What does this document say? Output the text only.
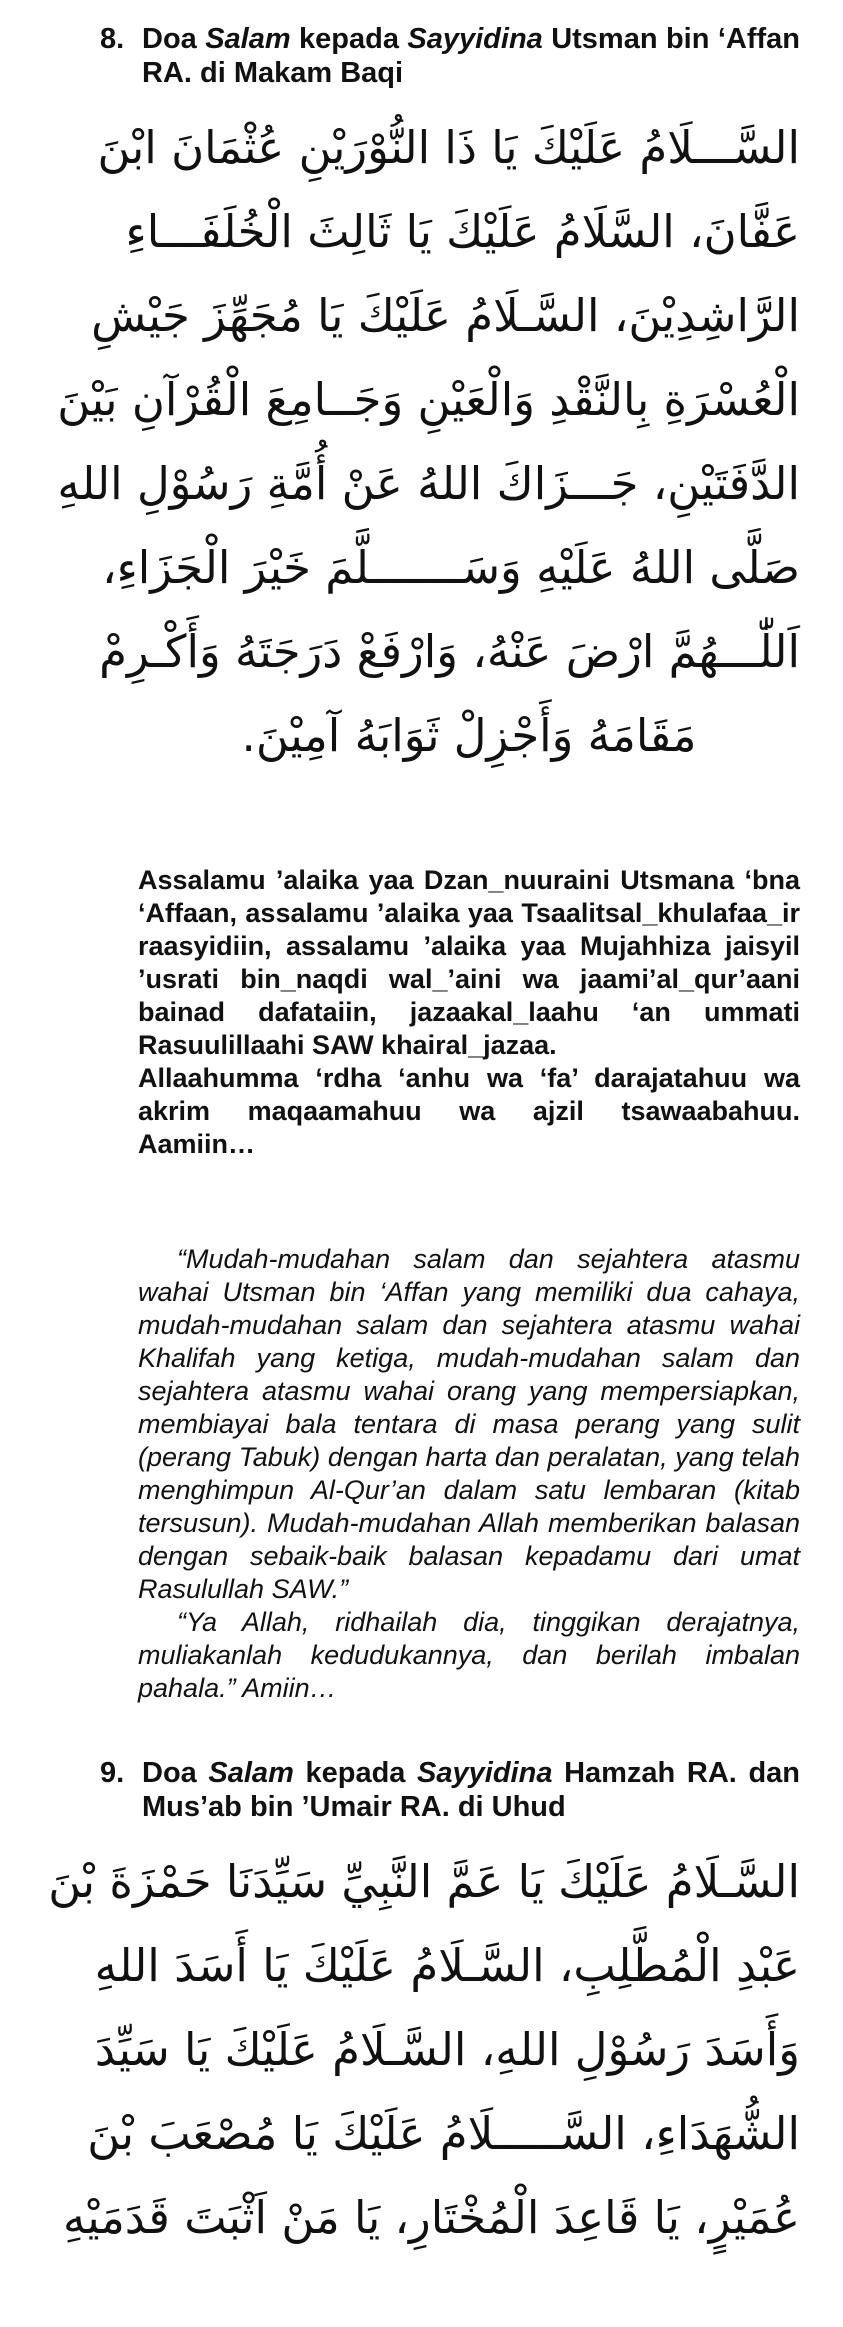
8. Doa Salam kepada Sayyidina Utsman bin ‘Affan RA. di Makam Baqi
السَّـــلَامُ عَلَيْكَ يَا ذَا النُّوْرَيْنِ عُثْمَانَ ابْنَ
عَفَّانَ، السَّلَامُ عَلَيْكَ يَا ثَالِثَ الْخُلَفَـــاءِ
الرَّاشِدِيْنَ، السَّـلَامُ عَلَيْكَ يَا مُجَهِّزَ جَيْشِ
الْعُسْرَةِ بِالنَّقْدِ وَالْعَيْنِ وَجَــامِعَ الْقُرْآنِ بَيْنَ
الدَّفَتَيْنِ، جَـــزَاكَ اللهُ عَنْ أُمَّةِ رَسُوْلِ اللهِ
صَلَّى اللهُ عَلَيْهِ وَسَـــــــلَّمَ خَيْرَ الْجَزَاءِ،
اَللّٰـــهُمَّ ارْضَ عَنْهُ، وَارْفَعْ دَرَجَتَهُ وَأَكْـرِمْ
مَقَامَهُ وَأَجْزِلْ ثَوَابَهُ آمِيْنَ.

Assalamu ’alaika yaa Dzan_nuuraini Utsmana ‘bna ‘Affaan, assalamu ’alaika yaa Tsaalitsal_khulafaa_ir raasyidiin, assalamu ’alaika yaa Mujahhiza jaisyil ’usrati bin_naqdi wal_’aini wa jaami’al_qur’aani bainad dafataiin, jazaakal_laahu ‘an ummati Rasuulillaahi SAW khairal_jazaa.

Allaahumma ‘rdha ‘anhu wa ‘fa’ darajatahuu wa akrim maqaamahuu wa ajzil tsawaabahuu. Aamiin…

“Mudah-mudahan salam dan sejahtera atasmu wahai Utsman bin ‘Affan yang memiliki dua cahaya, mudah-mudahan salam dan sejahtera atasmu wahai Khalifah yang ketiga, mudah-mudahan salam dan sejahtera atasmu wahai orang yang mempersiapkan, membiayai bala tentara di masa perang yang sulit (perang Tabuk) dengan harta dan peralatan, yang telah menghimpun Al-Qur’an dalam satu lembaran (kitab tersusun). Mudah-mudahan Allah memberikan balasan dengan sebaik-baik balasan kepadamu dari umat Rasulullah SAW.”

“Ya Allah, ridhailah dia, tinggikan derajatnya, muliakanlah kedudukannya, dan berilah imbalan pahala.” Amiin…

9. Doa Salam kepada Sayyidina Hamzah RA. dan Mus’ab bin ’Umair RA. di Uhud
السَّـلَامُ عَلَيْكَ يَا عَمَّ النَّبِيِّ سَيِّدَنَا حَمْزَةَ بْنَ
عَبْدِ الْمُطَّلِبِ، السَّـلَامُ عَلَيْكَ يَا أَسَدَ اللهِ
وَأَسَدَ رَسُوْلِ اللهِ، السَّـلَامُ عَلَيْكَ يَا سَيِّدَ
الشُّهَدَاءِ، السَّـــــلَامُ عَلَيْكَ يَا مُصْعَبَ بْنَ
عُمَيْرٍ، يَا قَاعِدَ الْمُخْتَارِ، يَا مَنْ اَثْبَتَ قَدَمَيْهِ
